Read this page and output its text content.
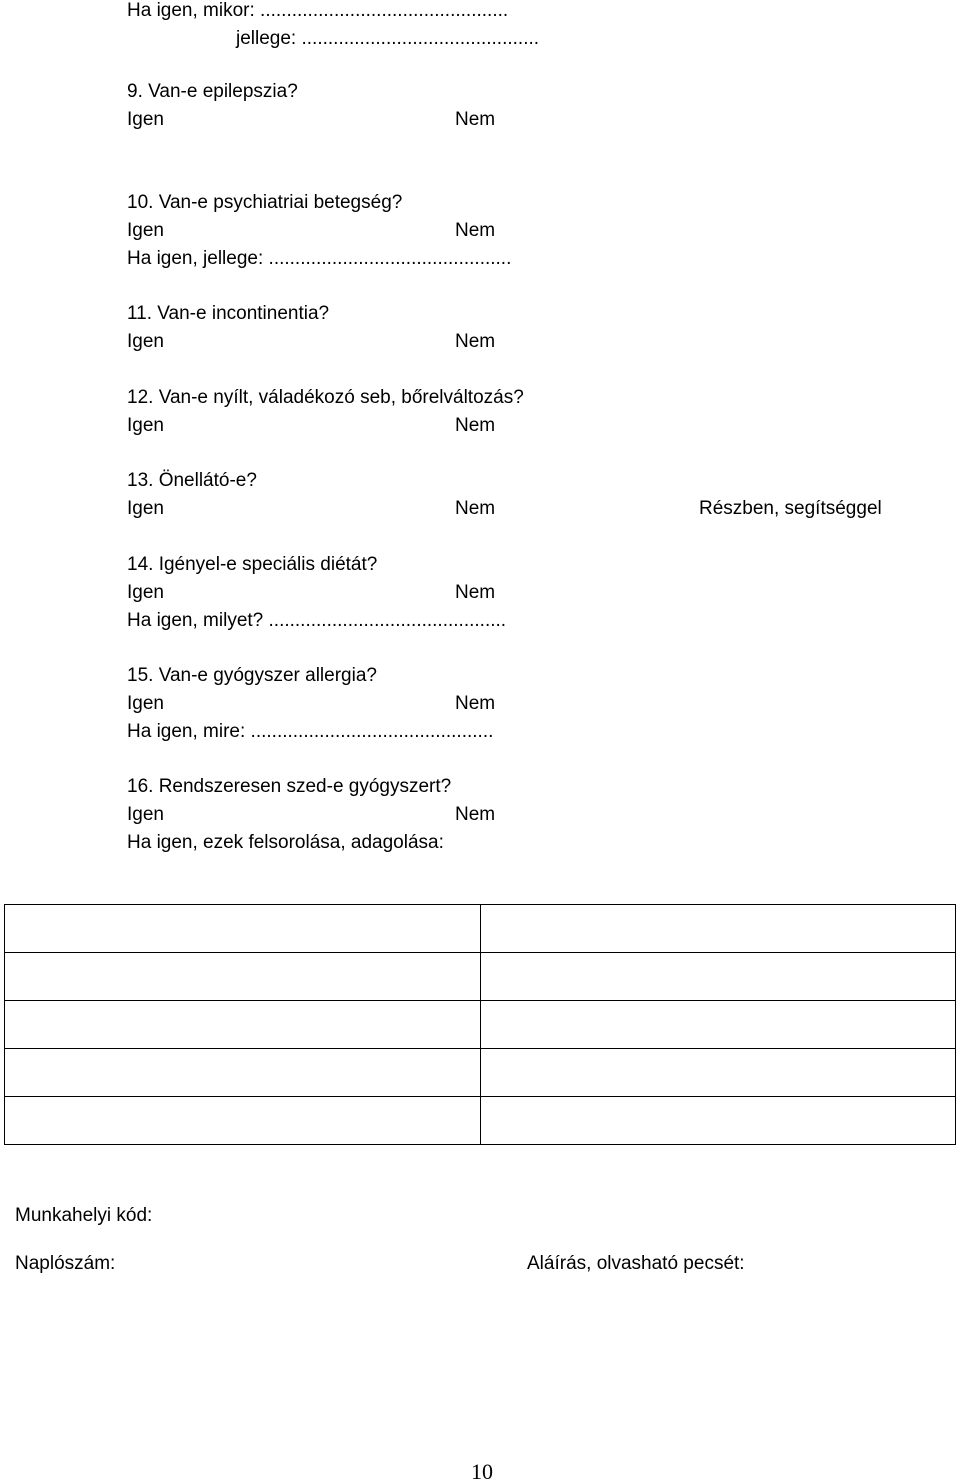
Ha igen, mikor: ...............................................
jellege: .............................................
9. Van-e epilepszia?
Igen	Nem
10. Van-e psychiatriai betegség?
Igen	Nem
Ha igen, jellege: ..............................................
11. Van-e incontinentia?
Igen	Nem
12. Van-e nyílt, váladékozó seb, bőrelváltozás?
Igen	Nem
13. Önellátó-e?
Igen	Nem	Részben, segítséggel
14. Igényel-e speciális diétát?
Igen	Nem
Ha igen, milyet? .............................................
15. Van-e gyógyszer allergia?
Igen	Nem
Ha igen, mire: ..............................................
16. Rendszeresen szed-e gyógyszert?
Igen	Nem
Ha igen, ezek felsorolása, adagolása:

Munkahelyi kód:
Naplószám:	Aláírás, olvasható pecsét:
10
